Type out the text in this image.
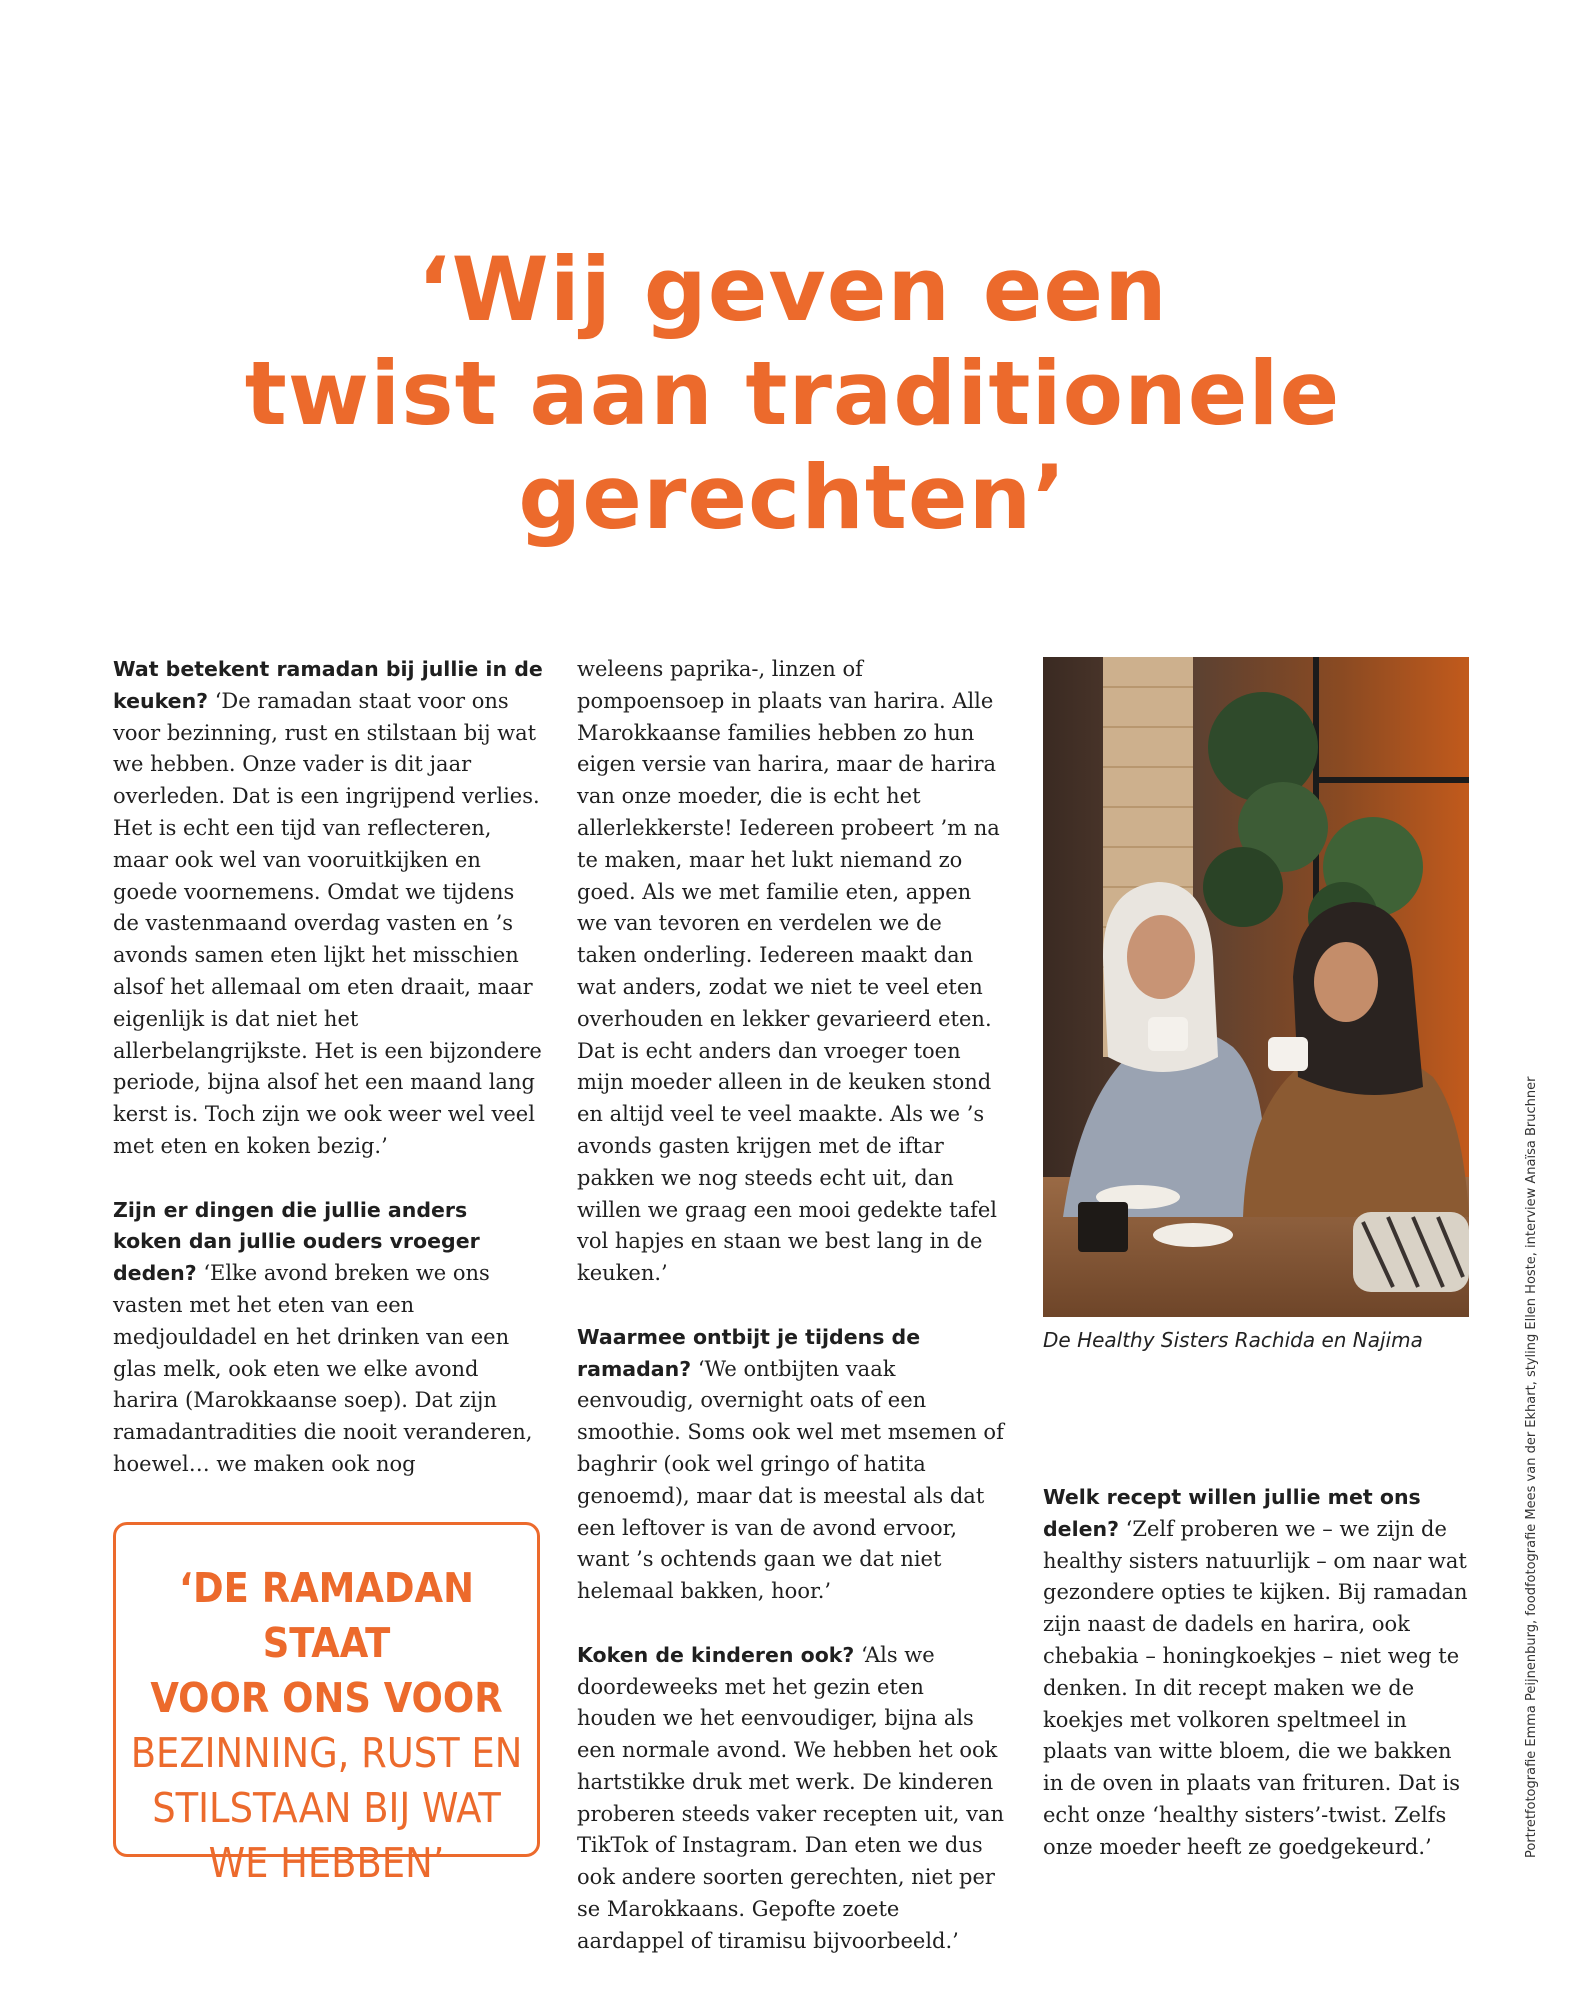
‘Wij geven een
twist aan traditionele
gerechten’

Wat betekent ramadan bij jullie in de keuken? ‘De ramadan staat voor ons voor bezinning, rust en stilstaan bij wat we hebben. Onze vader is dit jaar overleden. Dat is een ingrijpend verlies. Het is echt een tijd van reflecteren, maar ook wel van vooruitkijken en goede voornemens. Omdat we tijdens de vastenmaand overdag vasten en ’s avonds samen eten lijkt het misschien alsof het allemaal om eten draait, maar eigenlijk is dat niet het allerbelangrijkste. Het is een bijzondere periode, bijna alsof het een maand lang kerst is. Toch zijn we ook weer wel veel met eten en koken bezig.’

Zijn er dingen die jullie anders koken dan jullie ouders vroeger deden? ‘Elke avond breken we ons vasten met het eten van een medjouldadel en het drinken van een glas melk, ook eten we elke avond harira (Marokkaanse soep). Dat zijn ramadantradities die nooit veranderen, hoewel… we maken ook nog

weleens paprika-, linzen of pompoensoep in plaats van harira. Alle Marokkaanse families hebben zo hun eigen versie van harira, maar de harira van onze moeder, die is echt het allerlekkerste! Iedereen probeert ’m na te maken, maar het lukt niemand zo goed. Als we met familie eten, appen we van tevoren en verdelen we de taken onderling. Iedereen maakt dan wat anders, zodat we niet te veel eten overhouden en lekker gevarieerd eten. Dat is echt anders dan vroeger toen mijn moeder alleen in de keuken stond en altijd veel te veel maakte. Als we ’s avonds gasten krijgen met de iftar pakken we nog steeds echt uit, dan willen we graag een mooi gedekte tafel vol hapjes en staan we best lang in de keuken.’

Waarmee ontbijt je tijdens de ramadan? ‘We ontbijten vaak eenvoudig, overnight oats of een smoothie. Soms ook wel met msemen of baghrir (ook wel gringo of hatita genoemd), maar dat is meestal als dat een leftover is van de avond ervoor, want ’s ochtends gaan we dat niet helemaal bakken, hoor.’

Koken de kinderen ook? ‘Als we doordeweeks met het gezin eten houden we het eenvoudiger, bijna als een normale avond. We hebben het ook hartstikke druk met werk. De kinderen proberen steeds vaker recepten uit, van TikTok of Instagram. Dan eten we dus ook andere soorten gerechten, niet per se Marokkaans. Gepofte zoete aardappel of tiramisu bijvoorbeeld.’

De Healthy Sisters Rachida en Najima
‘DE RAMADAN STAAT
VOOR ONS VOOR
BEZINNING, RUST EN
STILSTAAN BIJ WAT
WE HEBBEN’

Welk recept willen jullie met ons delen? ‘Zelf proberen we – we zijn de healthy sisters natuurlijk – om naar wat gezondere opties te kijken. Bij ramadan zijn naast de dadels en harira, ook chebakia – honingkoekjes – niet weg te denken. In dit recept maken we de koekjes met volkoren speltmeel in plaats van witte bloem, die we bakken in de oven in plaats van frituren. Dat is echt onze ‘healthy sisters’-twist. Zelfs onze moeder heeft ze goedgekeurd.’	Portretfotografie Emma Peijnenburg, foodfotografie Mees van der Ekhart, styling Ellen Hoste, interview Anaïsa Bruchner
